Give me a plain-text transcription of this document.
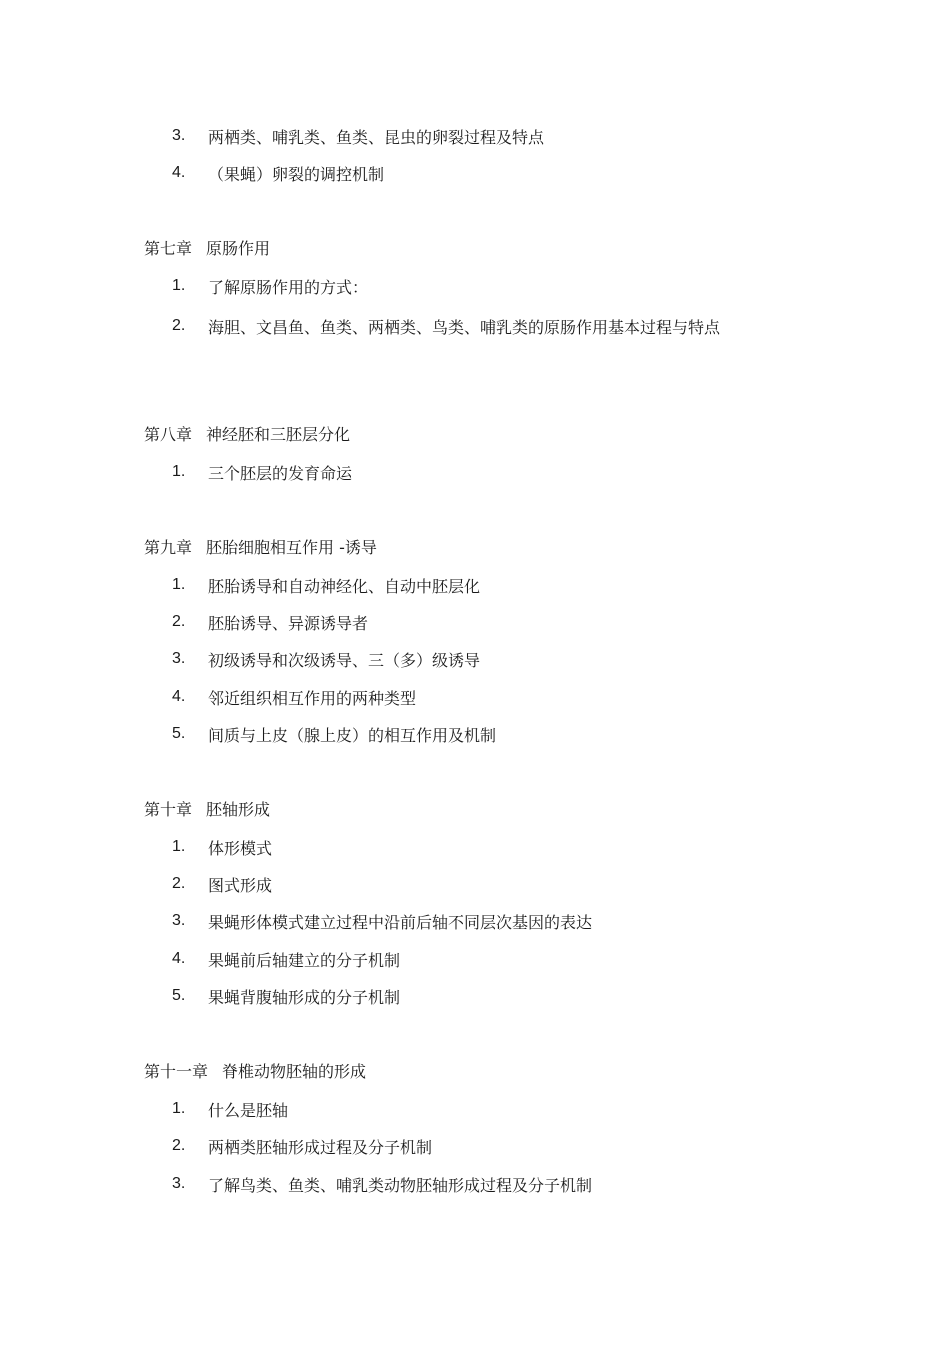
3.	两栖类、哺乳类、鱼类、昆虫的卵裂过程及特点
4.	（果蝇）卵裂的调控机制
第七章 原肠作用
1.	了解原肠作用的方式：
2.	海胆、文昌鱼、鱼类、两栖类、鸟类、哺乳类的原肠作用基本过程与特点
第八章 神经胚和三胚层分化
1.	三个胚层的发育命运
第九章 胚胎细胞相互作用 -诱导
1.	胚胎诱导和自动神经化、自动中胚层化
2.	胚胎诱导、异源诱导者
3.	初级诱导和次级诱导、三（多）级诱导
4.	邻近组织相互作用的两种类型
5.	间质与上皮（腺上皮）的相互作用及机制
第十章 胚轴形成
1.	体形模式
2.	图式形成
3.	果蝇形体模式建立过程中沿前后轴不同层次基因的表达
4.	果蝇前后轴建立的分子机制
5.	果蝇背腹轴形成的分子机制
第十一章 脊椎动物胚轴的形成
1.	什么是胚轴
2.	两栖类胚轴形成过程及分子机制
3.	了解鸟类、鱼类、哺乳类动物胚轴形成过程及分子机制
